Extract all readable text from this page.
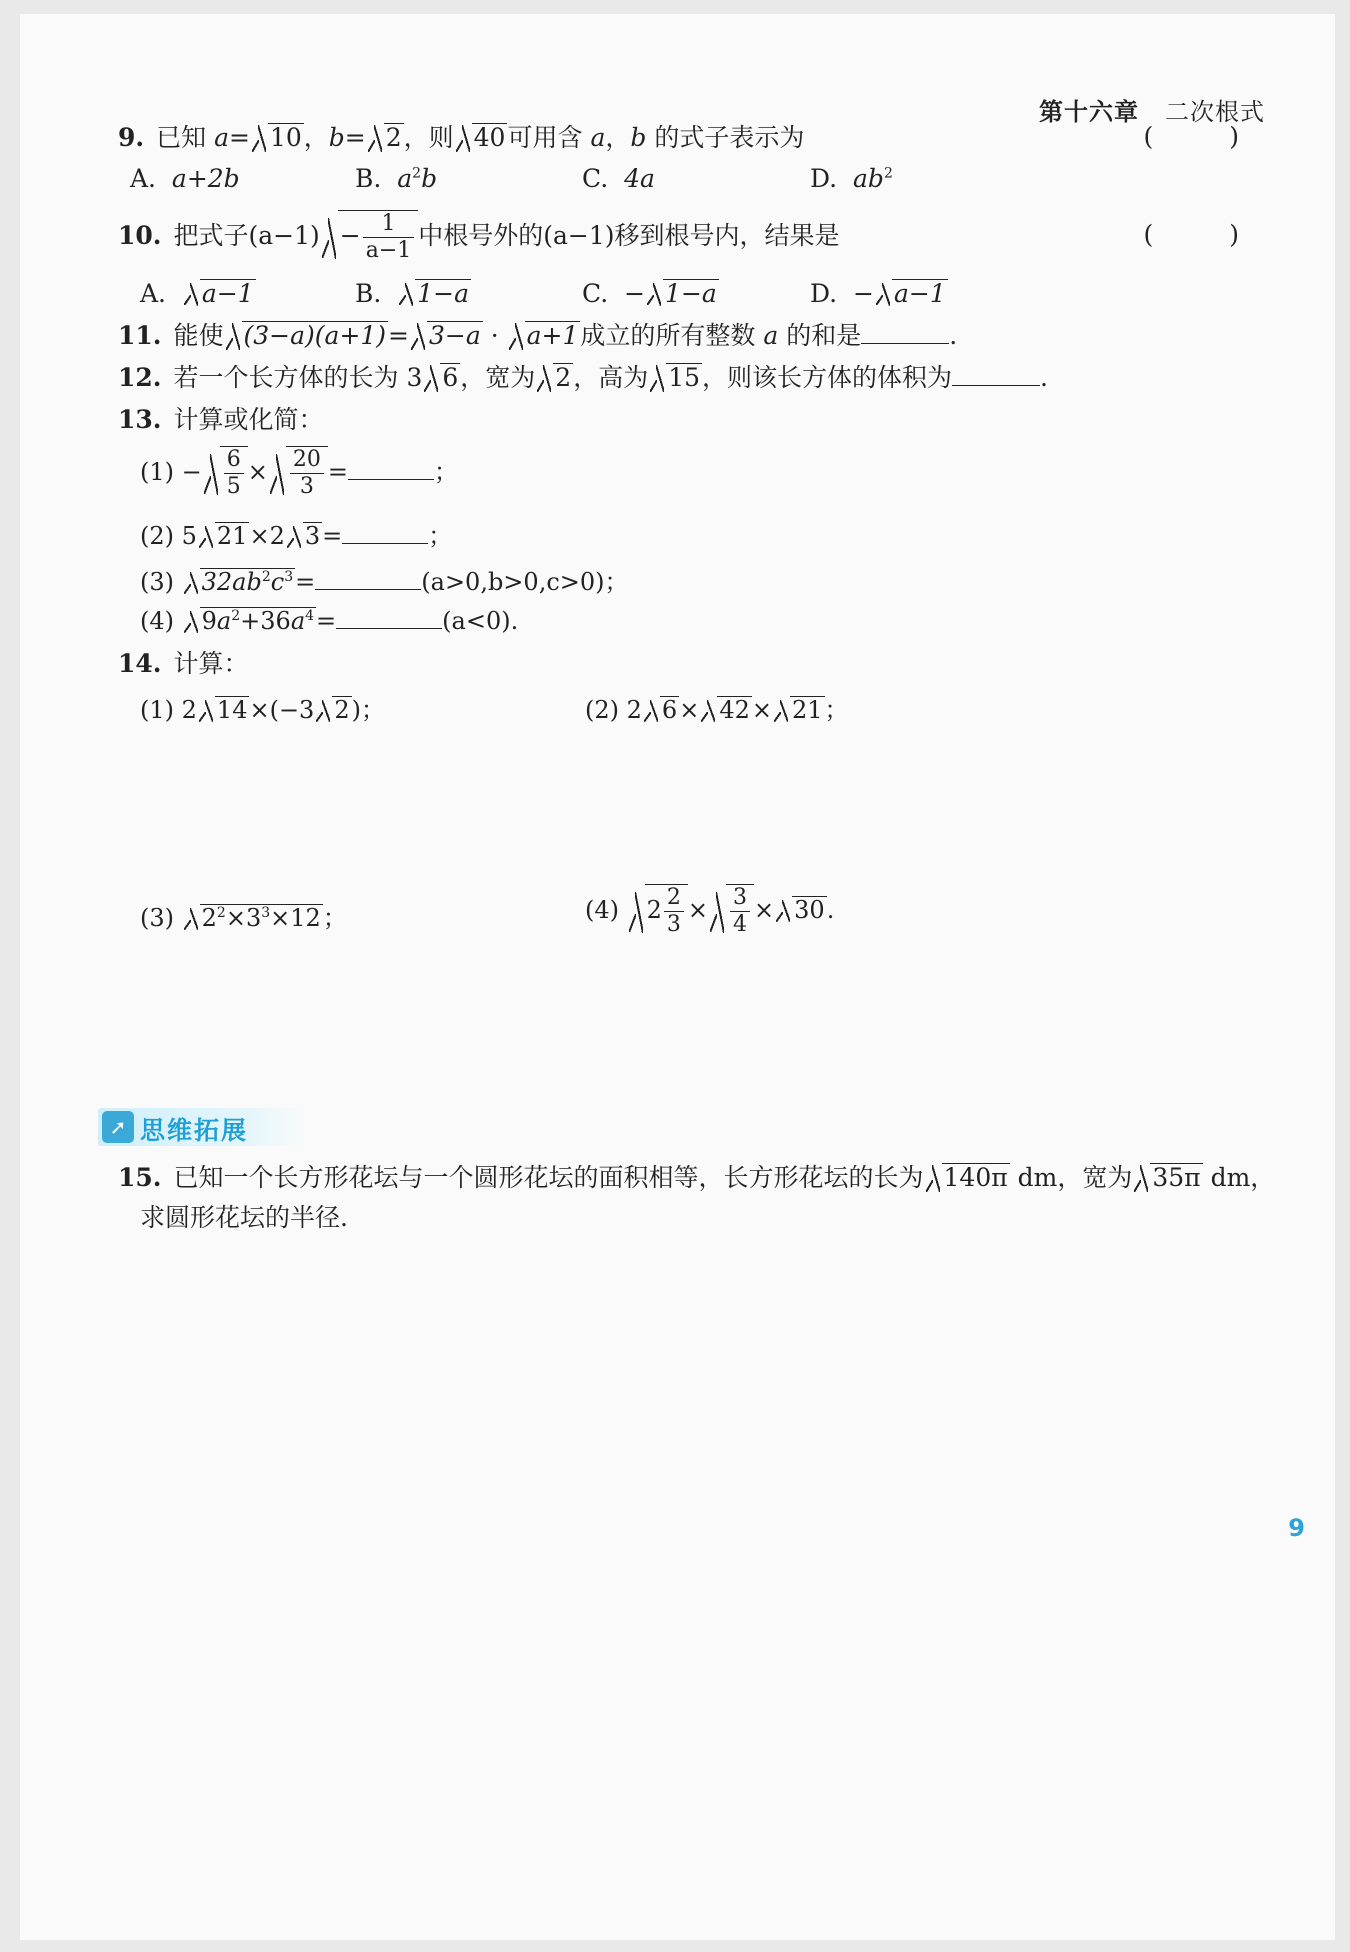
第十六章 二次根式
9. 已知 a= 10，b= 2，则 40可用含 a，b 的式子表示为	( )
A. a+2b	B. $a^2b$	C. 4a	D. $ab^2$
10. 把式子$(a-1) - \frac{1}{a-1}$ 中根号外的(a−1)移到根号内，结果是	( )
A. a−1	B. 1−a	C. − 1−a	D. − a−1
11. 能使 (3−a)(a+1)= 3−a · a+1成立的所有整数 a 的和是	.
12. 若一个长方体的长为 3 6，宽为 2，高为 15，则该长方体的体积为	.
13. 计算或化简：
$(1) - \frac{6}{5} \times \frac{20}{3}$ =	；
(2) 5 21×2 3=	；
(3) $32ab^2c^3=$	(a>0,b>0,c>0)；
(4) $9a^2+36a^4=$	(a<0).
14. 计算：
(1) 2 14×(−3 2)；	(2) 2 6× 42× 21；
(3) $2^2\times 3^3\times 12$；	(4) $2 \frac{2}{3} \times \frac{3}{4} \times 30$.
➚ 思维拓展
15. 已知一个长方形花坛与一个圆形花坛的面积相等，长方形花坛的长为 140π dm，宽为 35π dm，
求圆形花坛的半径.
9
